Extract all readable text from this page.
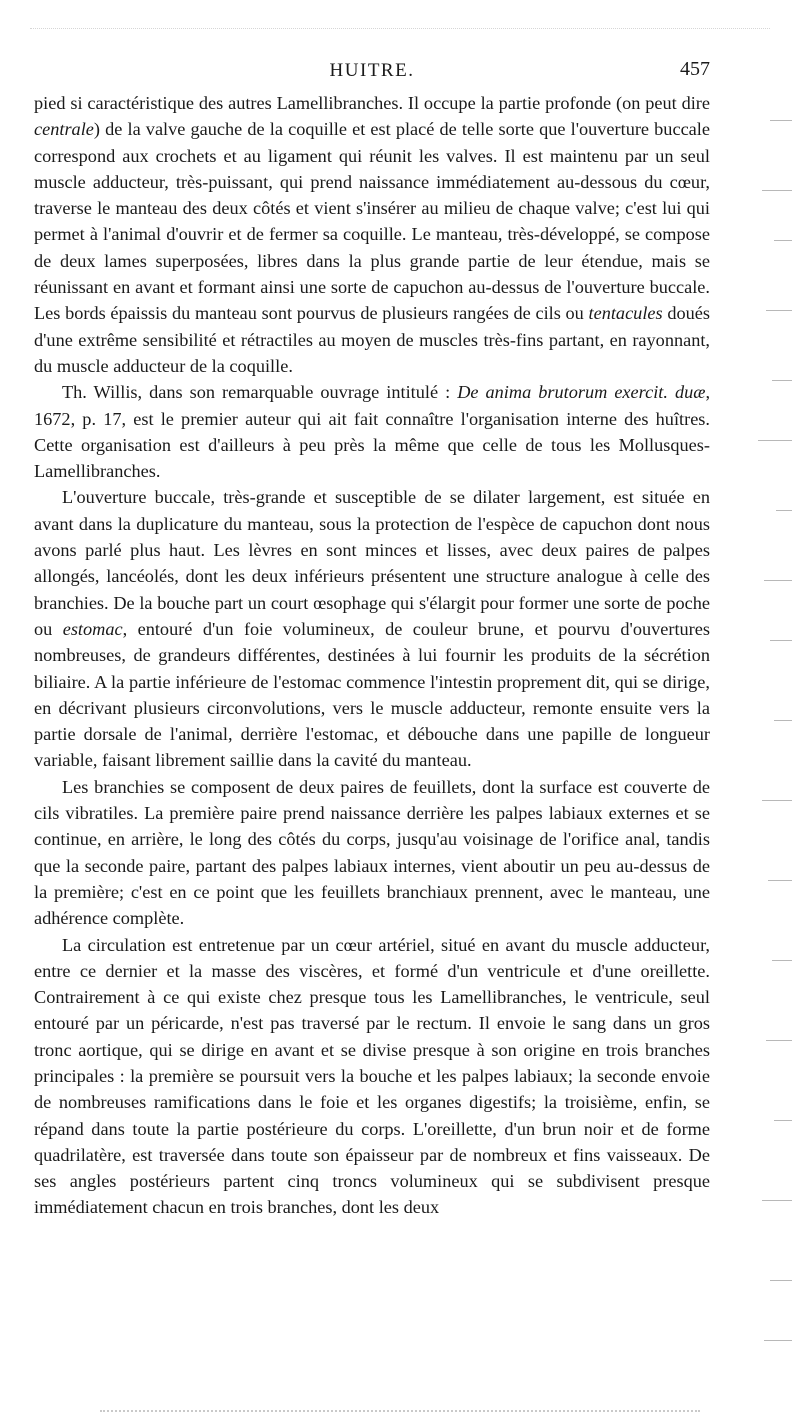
HUITRE.	457

pied si caractéristique des autres Lamellibranches. Il occupe la partie profonde (on peut dire centrale) de la valve gauche de la coquille et est placé de telle sorte que l'ouverture buccale correspond aux crochets et au ligament qui réunit les valves. Il est maintenu par un seul muscle adducteur, très-puissant, qui prend naissance immédiatement au-dessous du cœur, traverse le manteau des deux côtés et vient s'insérer au milieu de chaque valve; c'est lui qui permet à l'animal d'ouvrir et de fermer sa coquille. Le manteau, très-développé, se compose de deux lames superposées, libres dans la plus grande partie de leur étendue, mais se réunissant en avant et formant ainsi une sorte de capuchon au-dessus de l'ouverture buccale. Les bords épaissis du manteau sont pourvus de plusieurs rangées de cils ou tentacules doués d'une extrême sensibilité et rétractiles au moyen de muscles très-fins partant, en rayonnant, du muscle adducteur de la coquille.

Th. Willis, dans son remarquable ouvrage intitulé : De anima brutorum exercit. duæ, 1672, p. 17, est le premier auteur qui ait fait connaître l'organisation interne des huîtres. Cette organisation est d'ailleurs à peu près la même que celle de tous les Mollusques-Lamellibranches.

L'ouverture buccale, très-grande et susceptible de se dilater largement, est située en avant dans la duplicature du manteau, sous la protection de l'espèce de capuchon dont nous avons parlé plus haut. Les lèvres en sont minces et lisses, avec deux paires de palpes allongés, lancéolés, dont les deux inférieurs présentent une structure analogue à celle des branchies. De la bouche part un court œsophage qui s'élargit pour former une sorte de poche ou estomac, entouré d'un foie volumineux, de couleur brune, et pourvu d'ouvertures nombreuses, de grandeurs différentes, destinées à lui fournir les produits de la sécrétion biliaire. A la partie inférieure de l'estomac commence l'intestin proprement dit, qui se dirige, en décrivant plusieurs circonvolutions, vers le muscle adducteur, remonte ensuite vers la partie dorsale de l'animal, derrière l'estomac, et débouche dans une papille de longueur variable, faisant librement saillie dans la cavité du manteau.

Les branchies se composent de deux paires de feuillets, dont la surface est couverte de cils vibratiles. La première paire prend naissance derrière les palpes labiaux externes et se continue, en arrière, le long des côtés du corps, jusqu'au voisinage de l'orifice anal, tandis que la seconde paire, partant des palpes labiaux internes, vient aboutir un peu au-dessus de la première; c'est en ce point que les feuillets branchiaux prennent, avec le manteau, une adhérence complète.

La circulation est entretenue par un cœur artériel, situé en avant du muscle adducteur, entre ce dernier et la masse des viscères, et formé d'un ventricule et d'une oreillette. Contrairement à ce qui existe chez presque tous les Lamellibranches, le ventricule, seul entouré par un péricarde, n'est pas traversé par le rectum. Il envoie le sang dans un gros tronc aortique, qui se dirige en avant et se divise presque à son origine en trois branches principales : la première se poursuit vers la bouche et les palpes labiaux; la seconde envoie de nombreuses ramifications dans le foie et les organes digestifs; la troisième, enfin, se répand dans toute la partie postérieure du corps. L'oreillette, d'un brun noir et de forme quadrilatère, est traversée dans toute son épaisseur par de nombreux et fins vaisseaux. De ses angles postérieurs partent cinq troncs volumineux qui se subdivisent presque immédiatement chacun en trois branches, dont les deux
